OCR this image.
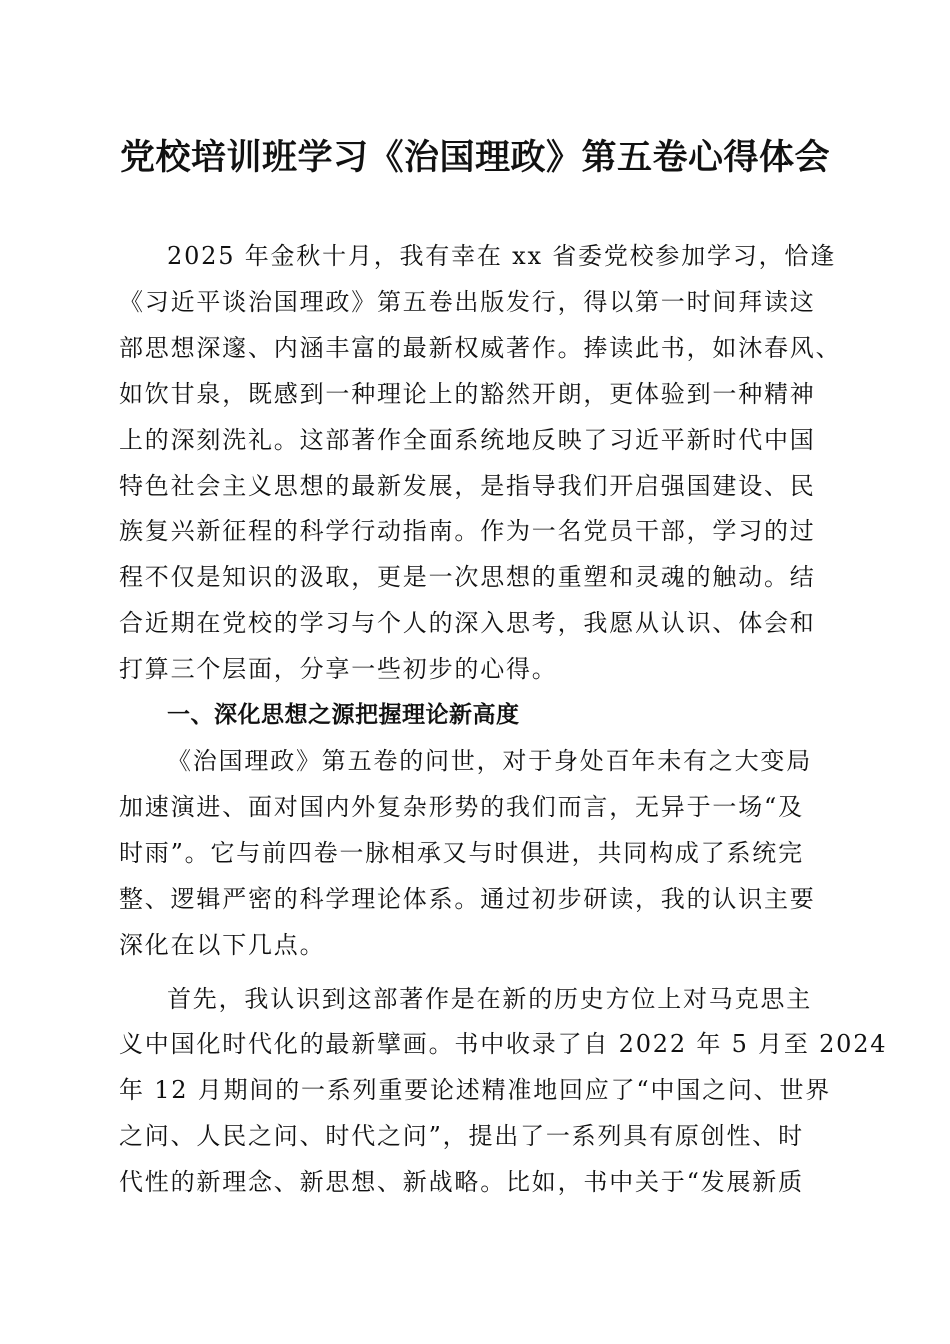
党校培训班学习《治国理政》第五卷心得体会

2025 年金秋十月，我有幸在 xx 省委党校参加学习，恰逢
《习近平谈治国理政》第五卷出版发行，得以第一时间拜读这
部思想深邃、内涵丰富的最新权威著作。捧读此书，如沐春风、
如饮甘泉，既感到一种理论上的豁然开朗，更体验到一种精神
上的深刻洗礼。这部著作全面系统地反映了习近平新时代中国
特色社会主义思想的最新发展，是指导我们开启强国建设、民
族复兴新征程的科学行动指南。作为一名党员干部，学习的过
程不仅是知识的汲取，更是一次思想的重塑和灵魂的触动。结
合近期在党校的学习与个人的深入思考，我愿从认识、体会和
打算三个层面，分享一些初步的心得。

一、深化思想之源把握理论新高度

《治国理政》第五卷的问世，对于身处百年未有之大变局
加速演进、面对国内外复杂形势的我们而言，无异于一场“及
时雨”。它与前四卷一脉相承又与时俱进，共同构成了系统完
整、逻辑严密的科学理论体系。通过初步研读，我的认识主要
深化在以下几点。

首先，我认识到这部著作是在新的历史方位上对马克思主
义中国化时代化的最新擘画。书中收录了自 2022 年 5 月至 2024
年 12 月期间的一系列重要论述精准地回应了“中国之问、世界
之问、人民之问、时代之问”，提出了一系列具有原创性、时
代性的新理念、新思想、新战略。比如，书中关于“发展新质
